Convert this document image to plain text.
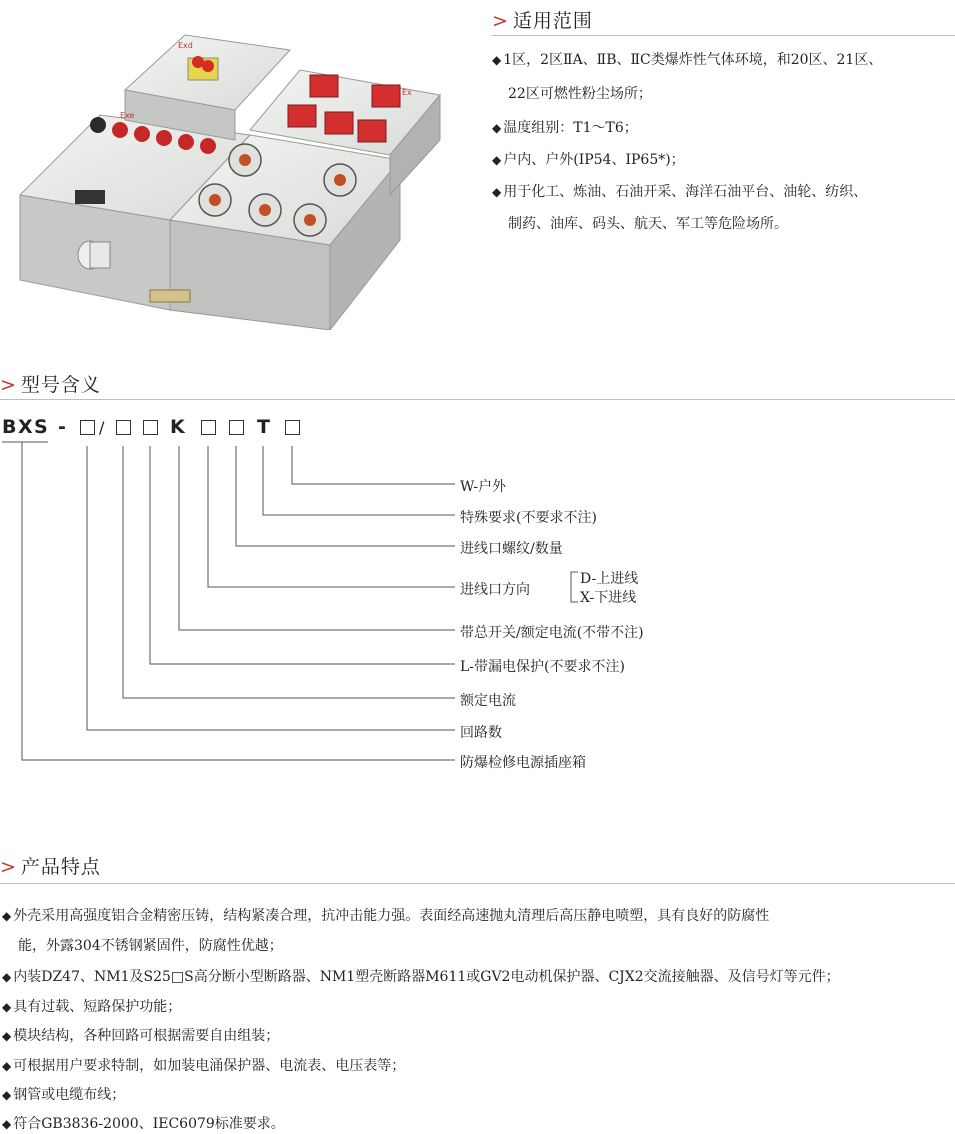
Exd
Exe
Ex
> 适用范围
◆ 1区，2区ⅡA、ⅡB、ⅡC类爆炸性气体环境，和20区、21区、
22区可燃性粉尘场所；
◆ 温度组别：T1～T6；
◆ 户内、户外(IP54、IP65*)；
◆ 用于化工、炼油、石油开采、海洋石油平台、油轮、纺织、
制药、油库、码头、航天、军工等危险场所。
> 型号含义
B X S - /	K	T
W-户外
特殊要求(不要求不注)
进线口螺纹/数量
进线口方向
带总开关/额定电流(不带不注)
L-带漏电保护(不要求不注)
额定电流
回路数
防爆检修电源插座箱
D-上进线
X-下进线
> 产品特点
◆ 外壳采用高强度铝合金精密压铸，结构紧凑合理，抗冲击能力强。表面经高速抛丸清理后高压静电喷塑，具有良好的防腐性
能，外露304不锈钢紧固件，防腐性优越；
◆ 内装DZ47、NM1及S25□S高分断小型断路器、NM1塑壳断路器M611或GV2电动机保护器、CJX2交流接触器、及信号灯等元件；
◆ 具有过载、短路保护功能；
◆ 模块结构，各种回路可根据需要自由组装；
◆ 可根据用户要求特制，如加装电涌保护器、电流表、电压表等；
◆ 钢管或电缆布线；
◆ 符合GB3836-2000、IEC6079标准要求。
